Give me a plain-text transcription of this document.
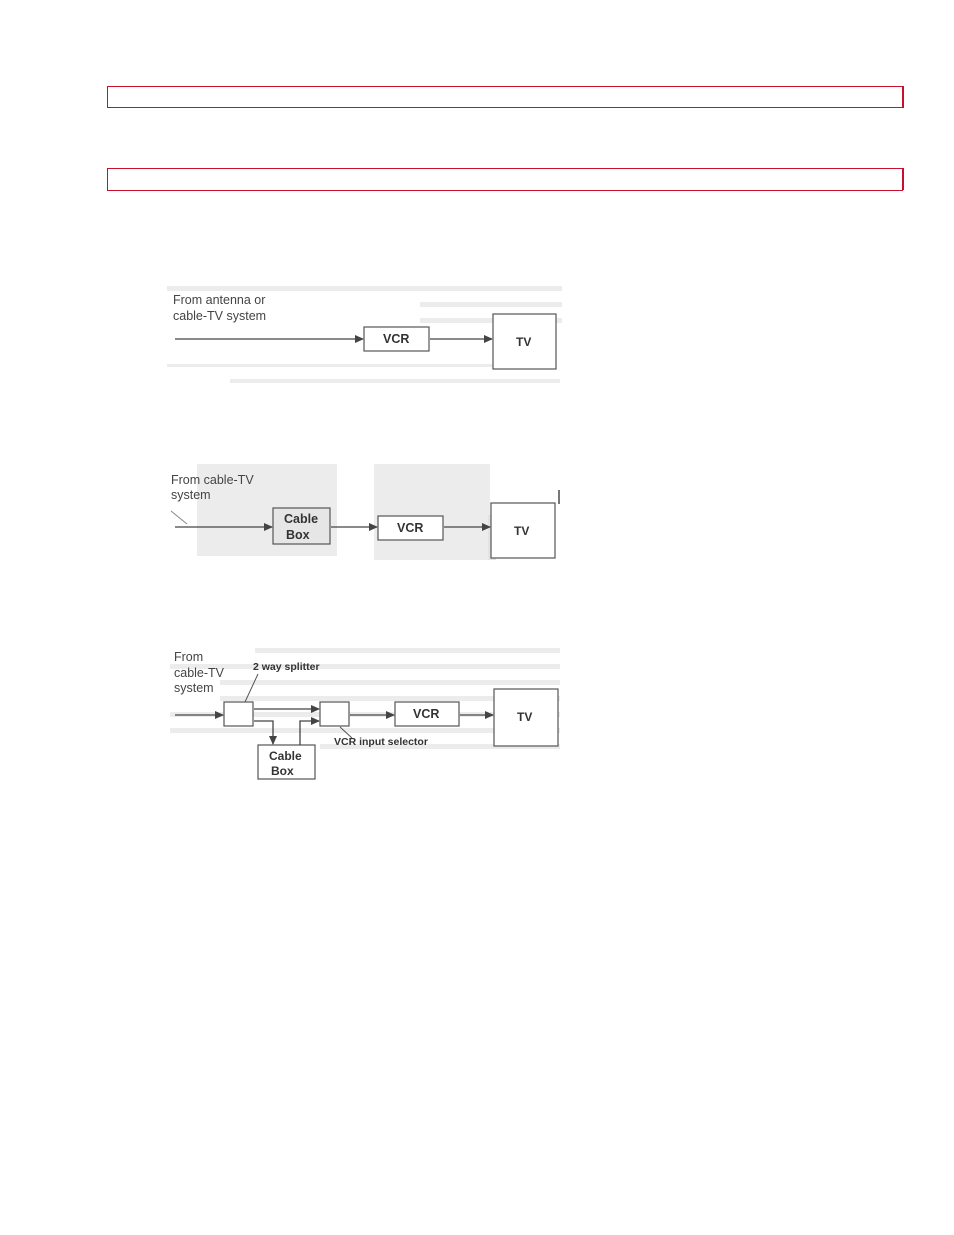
From antenna or
cable-TV system
VCR	TV
From cable-TV
system
Cable
Box	VCR	TV
From
cable-TV
system
2 way splitter
Cable
Box
VCR input selector
VCR	TV
